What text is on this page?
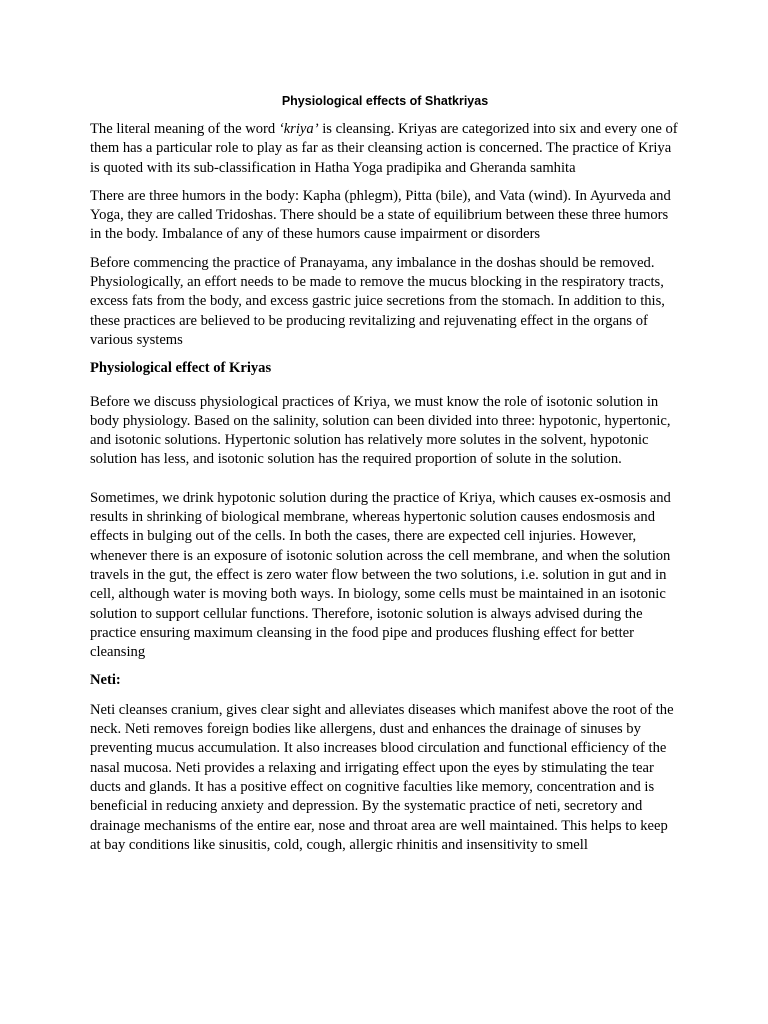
Physiological effects of Shatkriyas

The literal meaning of the word ‘kriya’ is cleansing. Kriyas are categorized into six and every one of them has a particular role to play as far as their cleansing action is concerned. The practice of Kriya is quoted with its sub-classification in Hatha Yoga pradipika and Gheranda samhita

There are three humors in the body: Kapha (phlegm), Pitta (bile), and Vata (wind). In Ayurveda and Yoga, they are called Tridoshas. There should be a state of equilibrium between these three humors in the body. Imbalance of any of these humors cause impairment or disorders

Before commencing the practice of Pranayama, any imbalance in the doshas should be removed. Physiologically, an effort needs to be made to remove the mucus blocking in the respiratory tracts, excess fats from the body, and excess gastric juice secretions from the stomach. In addition to this, these practices are believed to be producing revitalizing and rejuvenating effect in the organs of various systems

Physiological effect of Kriyas

Before we discuss physiological practices of Kriya, we must know the role of isotonic solution in body physiology. Based on the salinity, solution can been divided into three: hypotonic, hypertonic, and isotonic solutions. Hypertonic solution has relatively more solutes in the solvent, hypotonic solution has less, and isotonic solution has the required proportion of solute in the solution.

Sometimes, we drink hypotonic solution during the practice of Kriya, which causes ex-osmosis and results in shrinking of biological membrane, whereas hypertonic solution causes endosmosis and effects in bulging out of the cells. In both the cases, there are expected cell injuries. However, whenever there is an exposure of isotonic solution across the cell membrane, and when the solution travels in the gut, the effect is zero water flow between the two solutions, i.e. solution in gut and in cell, although water is moving both ways. In biology, some cells must be maintained in an isotonic solution to support cellular functions. Therefore, isotonic solution is always advised during the practice ensuring maximum cleansing in the food pipe and produces flushing effect for better cleansing

Neti:

Neti cleanses cranium, gives clear sight and alleviates diseases which manifest above the root of the neck. Neti removes foreign bodies like allergens, dust and enhances the drainage of sinuses by preventing mucus accumulation. It also increases blood circulation and functional efficiency of the nasal mucosa. Neti provides a relaxing and irrigating effect upon the eyes by stimulating the tear ducts and glands. It has a positive effect on cognitive faculties like memory, concentration and is beneficial in reducing anxiety and depression. By the systematic practice of neti, secretory and drainage mechanisms of the entire ear, nose and throat area are well maintained. This helps to keep at bay conditions like sinusitis, cold, cough, allergic rhinitis and insensitivity to smell
